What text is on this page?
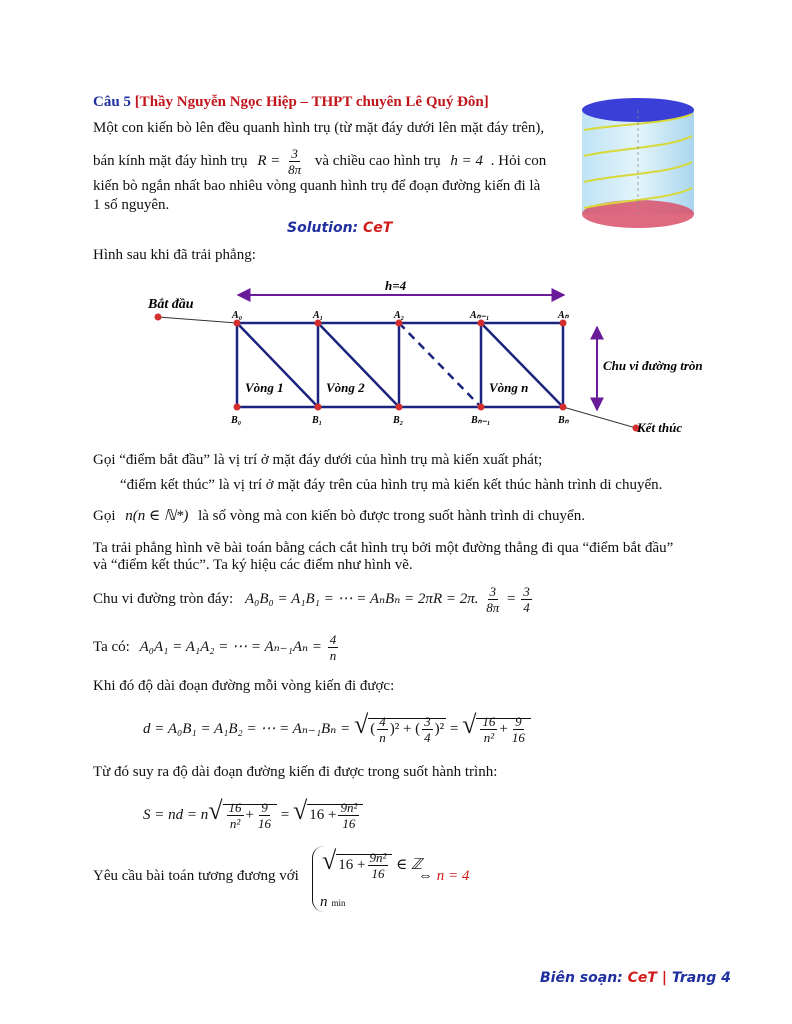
Câu 5 [Thầy Nguyễn Ngọc Hiệp – THPT chuyên Lê Quý Đôn]
Một con kiến bò lên đều quanh hình trụ (từ mặt đáy dưới lên mặt đáy trên),
bán kính mặt đáy hình trụ $R = \frac{3}{8\pi}$ và chiều cao hình trụ h = 4 . Hỏi con
kiến bò ngắn nhất bao nhiêu vòng quanh hình trụ để đoạn đường kiến đi là
1 số nguyên.
Solution: CeT
Hình sau khi đã trải phẳng:
h=4
Chu vi đường tròn
Bắt đầu
Kết thúc
A₀	A₁	A₂	Aₙ₋₁	Aₙ
B₀	B₁	B₂	Bₙ₋₁	Bₙ
Vòng 1	Vòng 2	Vòng n
Gọi “điểm bắt đầu” là vị trí ở mặt đáy dưới của hình trụ mà kiến xuất phát;
“điểm kết thúc” là vị trí ở mặt đáy trên của hình trụ mà kiến kết thúc hành trình di chuyển.
Gọi n(n ∈ ℕ*) là số vòng mà con kiến bò được trong suốt hành trình di chuyển.
Ta trải phẳng hình vẽ bài toán bằng cách cắt hình trụ bởi một đường thẳng đi qua “điểm bắt đầu”
và “điểm kết thúc”. Ta ký hiệu các điểm như hình vẽ.
Chu vi đường tròn đáy: A₀B₀ = A₁B₁ = ⋯ = AₙBₙ = 2πR = 2π. $\frac{3}{8\pi} = \frac{3}{4}$
Ta có: A₀A₁ = A₁A₂ = ⋯ = $A_{n-1}A_n = \frac{4}{n}$
Khi đó độ dài đoạn đường mỗi vòng kiến đi được:
d = A₀B₁ = A₁B₂ = ⋯ = Aₙ₋₁Bₙ = √ ( $\frac{4}{n} )^2$ + ( $\frac{3}{4} )^2$ = √ $\frac{16}{\text{n²}} + \frac{9}{16}$
Từ đó suy ra độ dài đoạn đường kiến đi được trong suốt hành trình:
S = nd = $n√ \frac{16}{\text{n²}} + \frac{9}{16}$ = √ $16 + \frac{\text{9n²}}{16}$
Yêu cầu bài toán tương đương với
√ $16 + \frac{\text{9n²}}{16}$ ∈ ℤ
⇔ n = 4
nmin
Biên soạn: CeT | Trang 4
